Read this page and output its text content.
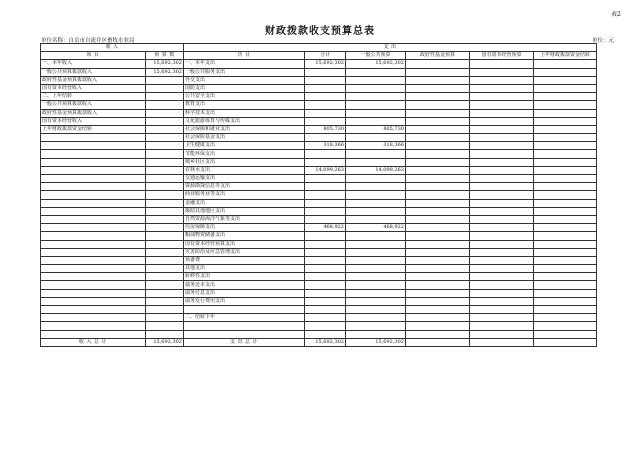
表2
财政拨款收支预算总表
单位名称：自贡市自流井区畜牧水业局	单位：元
收 入		支 出					
项 目	预 算 数	功 目	合计	一般公共预算	政府性基金预算	国有资本经营预算	上年财政拨款资金结转
一、本年收入	15,692,302	一、本年支出	15,692,302	15,692,302			
一般公共预算拨款收入	15,692,302	一般公共服务支出					
政府性基金预算拨款收入		外交支出					
国有资本经营收入		国防支出					
二、上年结转		公共安全支出					
一般公共预算拨款收入		教育支出					
政府性基金预算拨款收入		科学技术支出					
国有资本经营收入		文化旅游体育与传媒支出					
上年财政拨款资金结转		社会保障和就业支出	805,730	805,730			
		社会保险基金支出					
		卫生健康支出	318,366	318,366			
		节能环保支出					
		城乡社区支出					
		农林水支出	14,099,263	14,099,263			
		交通运输支出					
		资源勘探信息等支出					
		商业服务业等支出					
		金融支出					
		援助其他地区支出					
		自然资源海洋气象等支出					
		住房保障支出	468,922	468,922			
		粮油物资储备支出					
		国有资本经营预算支出					
		灾害防治及应急管理支出					
		预备费					
		其他支出					
		转移性支出					
		债务还本支出					
		债务付息支出					
		债务发行费用支出					

		二、结转下年					

收 入 总 计	15,692,302	支 出 总 计	15,692,302	15,692,302			
